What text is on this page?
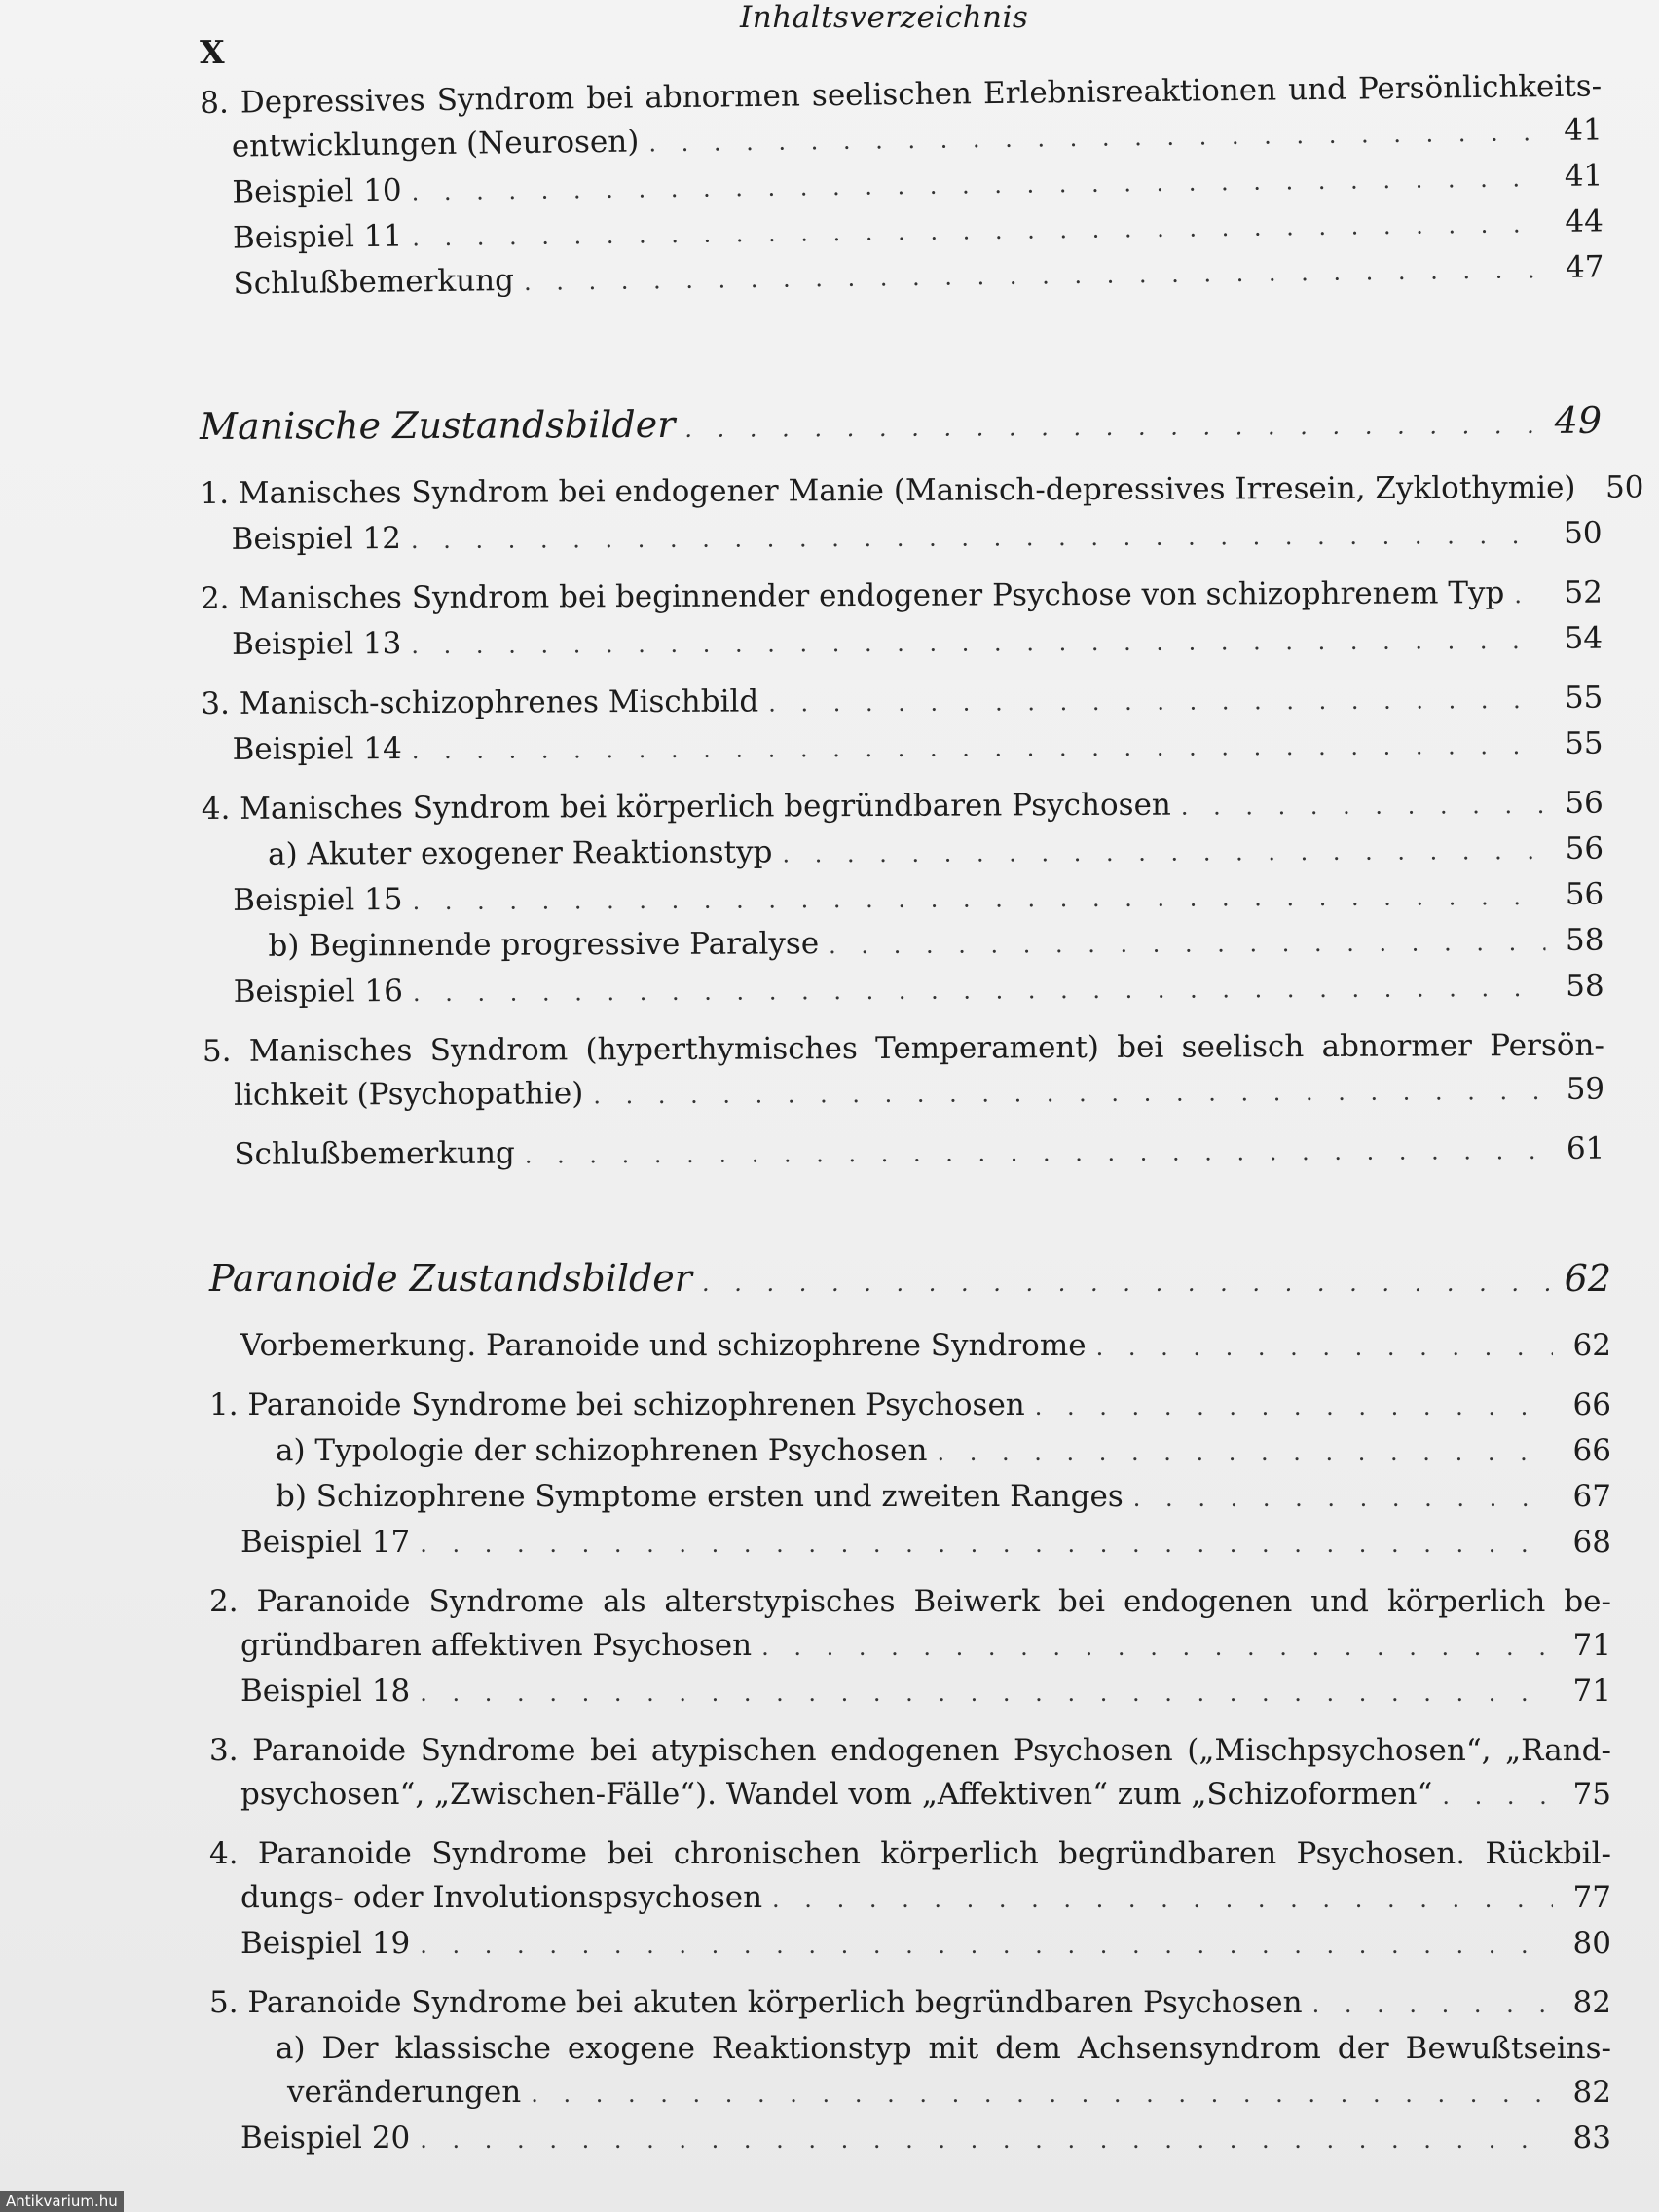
Inhaltsverzeichnis
X
8. Depressives Syndrom bei abnormen seelischen Erlebnisreaktionen und Persönlichkeits-
entwicklungen (Neurosen) . . .	41
Beispiel 10 . . .	41
Beispiel 11 . . .	44
Schlußbemerkung . . .	47
Manische Zustandsbilder . . .	49
1. Manisches Syndrom bei endogener Manie (Manisch-depressives Irresein, Zyklothymie) . . . 50
Beispiel 12 . . .	50
2. Manisches Syndrom bei beginnender endogener Psychose von schizophrenem Typ . . .	52
Beispiel 13 . . .	54
3. Manisch-schizophrenes Mischbild . . .	55
Beispiel 14 . . .	55
4. Manisches Syndrom bei körperlich begründbaren Psychosen . . .	56
a) Akuter exogener Reaktionstyp . . .	56
Beispiel 15 . . .	56
b) Beginnende progressive Paralyse . . .	58
Beispiel 16 . . .	58
5. Manisches Syndrom (hyperthymisches Temperament) bei seelisch abnormer Persön-
lichkeit (Psychopathie) . . .	59
Schlußbemerkung . . .	61
Paranoide Zustandsbilder . . .	62
Vorbemerkung. Paranoide und schizophrene Syndrome . . .	62
1. Paranoide Syndrome bei schizophrenen Psychosen . . .	66
a) Typologie der schizophrenen Psychosen . . .	66
b) Schizophrene Symptome ersten und zweiten Ranges . . .	67
Beispiel 17 . . .	68
2. Paranoide Syndrome als alterstypisches Beiwerk bei endogenen und körperlich be-
gründbaren affektiven Psychosen . . .	71
Beispiel 18 . . .	71
3. Paranoide Syndrome bei atypischen endogenen Psychosen („Mischpsychosen“, „Rand-
psychosen“, „Zwischen-Fälle“). Wandel vom „Affektiven“ zum „Schizoformen“ . . .	75
4. Paranoide Syndrome bei chronischen körperlich begründbaren Psychosen. Rückbil-
dungs- oder Involutionspsychosen . . .	77
Beispiel 19 . . .	80
5. Paranoide Syndrome bei akuten körperlich begründbaren Psychosen . . .	82
a) Der klassische exogene Reaktionstyp mit dem Achsensyndrom der Bewußtseins-
veränderungen . . .	82
Beispiel 20 . . .	83
Antikvarium.hu
